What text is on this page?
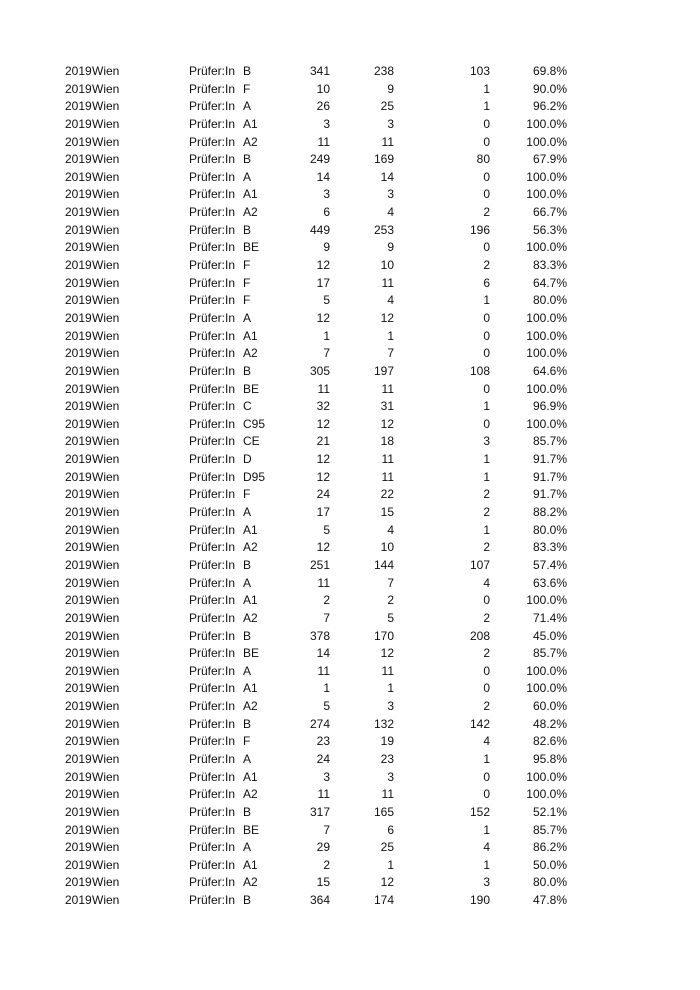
2019 Wien	Prüfer:In B	341	238	103	69.8%
2019 Wien	Prüfer:In F	10	9	1	90.0%
2019 Wien	Prüfer:In A	26	25	1	96.2%
2019 Wien	Prüfer:In A1	3	3	0	100.0%
2019 Wien	Prüfer:In A2	11	11	0	100.0%
2019 Wien	Prüfer:In B	249	169	80	67.9%
2019 Wien	Prüfer:In A	14	14	0	100.0%
2019 Wien	Prüfer:In A1	3	3	0	100.0%
2019 Wien	Prüfer:In A2	6	4	2	66.7%
2019 Wien	Prüfer:In B	449	253	196	56.3%
2019 Wien	Prüfer:In BE	9	9	0	100.0%
2019 Wien	Prüfer:In F	12	10	2	83.3%
2019 Wien	Prüfer:In F	17	11	6	64.7%
2019 Wien	Prüfer:In F	5	4	1	80.0%
2019 Wien	Prüfer:In A	12	12	0	100.0%
2019 Wien	Prüfer:In A1	1	1	0	100.0%
2019 Wien	Prüfer:In A2	7	7	0	100.0%
2019 Wien	Prüfer:In B	305	197	108	64.6%
2019 Wien	Prüfer:In BE	11	11	0	100.0%
2019 Wien	Prüfer:In C	32	31	1	96.9%
2019 Wien	Prüfer:In C95	12	12	0	100.0%
2019 Wien	Prüfer:In CE	21	18	3	85.7%
2019 Wien	Prüfer:In D	12	11	1	91.7%
2019 Wien	Prüfer:In D95	12	11	1	91.7%
2019 Wien	Prüfer:In F	24	22	2	91.7%
2019 Wien	Prüfer:In A	17	15	2	88.2%
2019 Wien	Prüfer:In A1	5	4	1	80.0%
2019 Wien	Prüfer:In A2	12	10	2	83.3%
2019 Wien	Prüfer:In B	251	144	107	57.4%
2019 Wien	Prüfer:In A	11	7	4	63.6%
2019 Wien	Prüfer:In A1	2	2	0	100.0%
2019 Wien	Prüfer:In A2	7	5	2	71.4%
2019 Wien	Prüfer:In B	378	170	208	45.0%
2019 Wien	Prüfer:In BE	14	12	2	85.7%
2019 Wien	Prüfer:In A	11	11	0	100.0%
2019 Wien	Prüfer:In A1	1	1	0	100.0%
2019 Wien	Prüfer:In A2	5	3	2	60.0%
2019 Wien	Prüfer:In B	274	132	142	48.2%
2019 Wien	Prüfer:In F	23	19	4	82.6%
2019 Wien	Prüfer:In A	24	23	1	95.8%
2019 Wien	Prüfer:In A1	3	3	0	100.0%
2019 Wien	Prüfer:In A2	11	11	0	100.0%
2019 Wien	Prüfer:In B	317	165	152	52.1%
2019 Wien	Prüfer:In BE	7	6	1	85.7%
2019 Wien	Prüfer:In A	29	25	4	86.2%
2019 Wien	Prüfer:In A1	2	1	1	50.0%
2019 Wien	Prüfer:In A2	15	12	3	80.0%
2019 Wien	Prüfer:In B	364	174	190	47.8%
